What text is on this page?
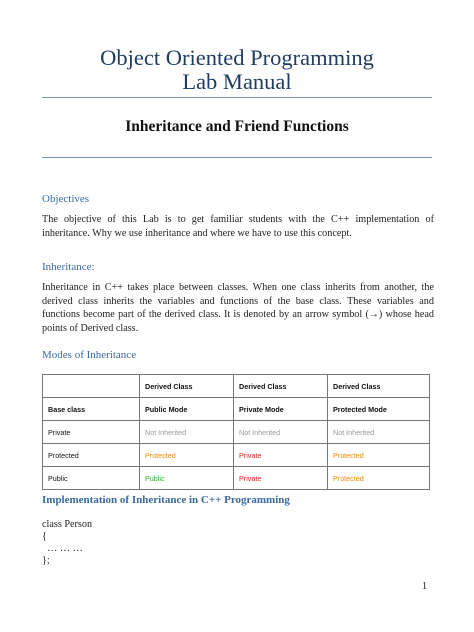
Object Oriented Programming
Lab Manual
Inheritance and Friend Functions
Objectives
The objective of this Lab is to get familiar students with the C++ implementation of inheritance. Why we use inheritance and where we have to use this concept.
Inheritance:
Inheritance in C++ takes place between classes. When one class inherits from another, the derived class inherits the variables and functions of the base class. These variables and functions become part of the derived class. It is denoted by an arrow symbol (→) whose head points of Derived class.
Modes of Inheritance
	Derived Class	Derived Class	Derived Class
Base class	Public Mode	Private Mode	Protected Mode
Private	Not Inherited	Not Inherited	Not Inherited
Protected	Protected	Private	Protected
Public	Public	Private	Protected
Implementation of Inheritance in C++ Programming
class Person
{
… … …
};
1
